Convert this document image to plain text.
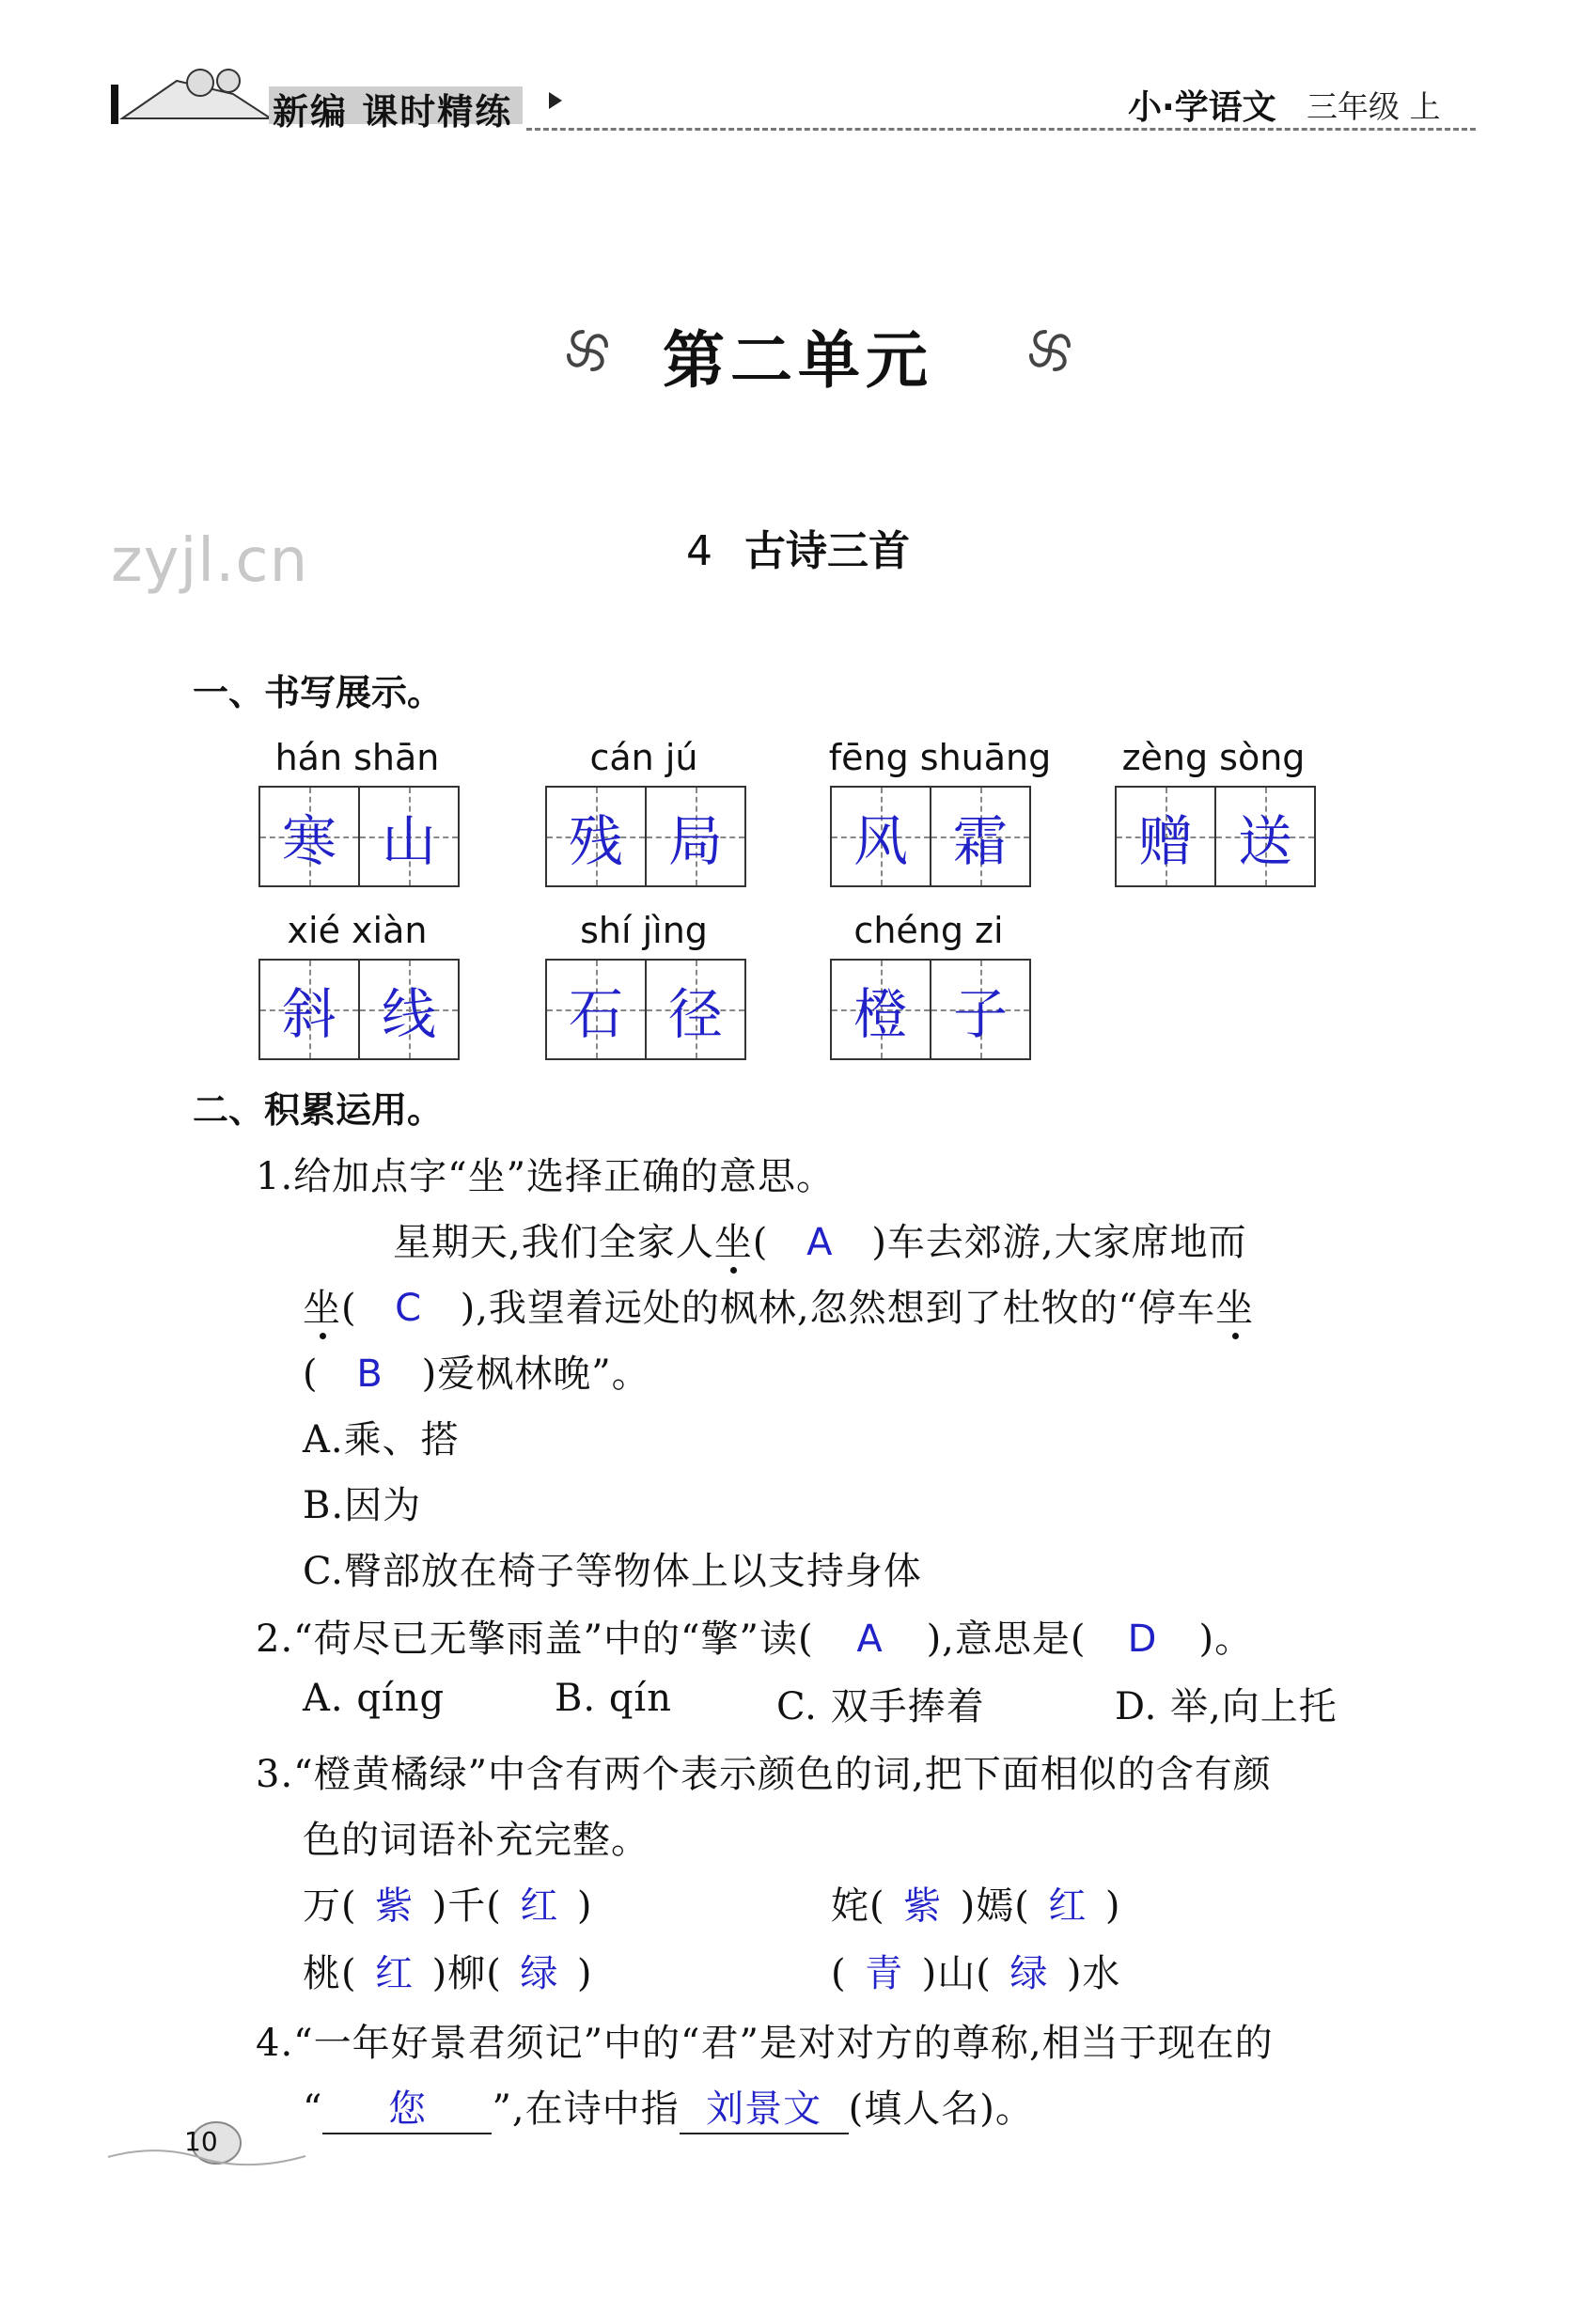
新编 课时精练	小·学语文 三年级 上
第二单元
zyjl.cn	4 古诗三首
一、书写展示。
hán shān
寒 山
cán jú
残 局
fēng shuāng
风 霜
zèng sòng
赠 送
xié xiàn
斜 线
shí jìng
石 径
chéng zi
橙 子
二、积累运用。
1.给加点字“坐”选择正确的意思。
星期天,我们全家人坐( A )车去郊游,大家席地而
坐( C ),我望着远处的枫林,忽然想到了杜牧的“停车坐
( B )爱枫林晚”。
A.乘、搭
B.因为
C.臀部放在椅子等物体上以支持身体
2.“荷尽已无擎雨盖”中的“擎”读( A ),意思是( D )。
A. qíng	B. qín	C. 双手捧着	D. 举,向上托
3.“橙黄橘绿”中含有两个表示颜色的词,把下面相似的含有颜
色的词语补充完整。
万( 紫 )千( 红 )	姹( 紫 )嫣( 红 )
桃( 红 )柳( 绿 )	( 青 )山( 绿 )水
4.“一年好景君须记”中的“君”是对对方的尊称,相当于现在的
“ 您 ”,在诗中指 刘景文 (填人名)。
10
